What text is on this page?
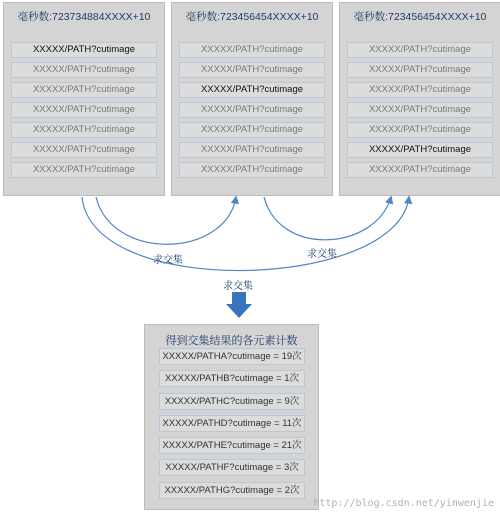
毫秒数:723734884XXXX+10
XXXXX/PATH?cutimage
XXXXX/PATH?cutimage
XXXXX/PATH?cutimage
XXXXX/PATH?cutimage
XXXXX/PATH?cutimage
XXXXX/PATH?cutimage
XXXXX/PATH?cutimage
毫秒数:723456454XXXX+10
XXXXX/PATH?cutimage
XXXXX/PATH?cutimage
XXXXX/PATH?cutimage
XXXXX/PATH?cutimage
XXXXX/PATH?cutimage
XXXXX/PATH?cutimage
XXXXX/PATH?cutimage
毫秒数:723456454XXXX+10
XXXXX/PATH?cutimage
XXXXX/PATH?cutimage
XXXXX/PATH?cutimage
XXXXX/PATH?cutimage
XXXXX/PATH?cutimage
XXXXX/PATH?cutimage
XXXXX/PATH?cutimage
求交集
求交集
求交集
得到交集结果的各元素计数
XXXXX/PATHA?cutimage = 19次
XXXXX/PATHB?cutimage = 1次
XXXXX/PATHC?cutimage = 9次
XXXXX/PATHD?cutimage = 11次
XXXXX/PATHE?cutimage = 21次
XXXXX/PATHF?cutimage = 3次
XXXXX/PATHG?cutimage = 2次
http://blog.csdn.net/yinwenjie
